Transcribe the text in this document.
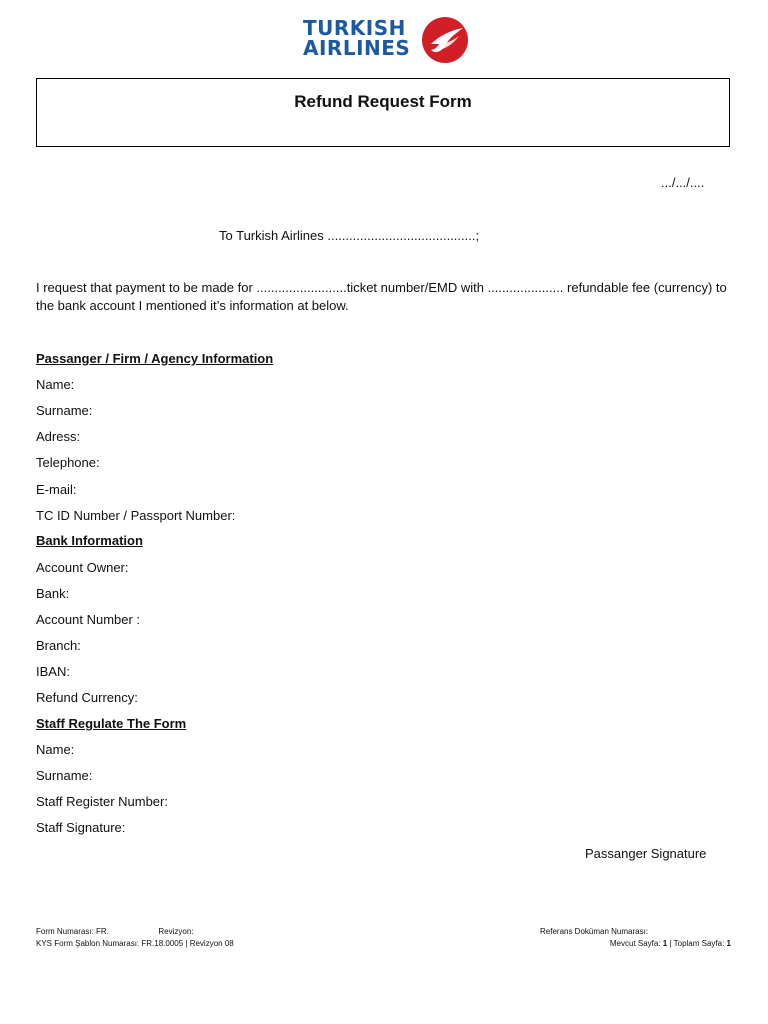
TURKISH
AIRLINES
Refund Request Form
.../.../....
To Turkish Airlines .........................................;
I request that payment to be made for .........................ticket number/EMD with ..................... refundable fee (currency) to the bank account I mentioned it’s information at below.
Passanger / Firm / Agency Information
Name:
Surname:
Adress:
Telephone:
E-mail:
TC ID Number / Passport Number:
Bank Information
Account Owner:
Bank:
Account Number :
Branch:
IBAN:
Refund Currency:
Staff Regulate The Form
Name:
Surname:
Staff Register Number:
Staff Signature:
Passanger Signature
Form Numarası: FR.	Revizyon:
KYS Form Şablon Numarası: FR.18.0005 | Revizyon 08
Referans Doküman Numarası:
Mevcut Sayfa: 1 | Toplam Sayfa: 1
